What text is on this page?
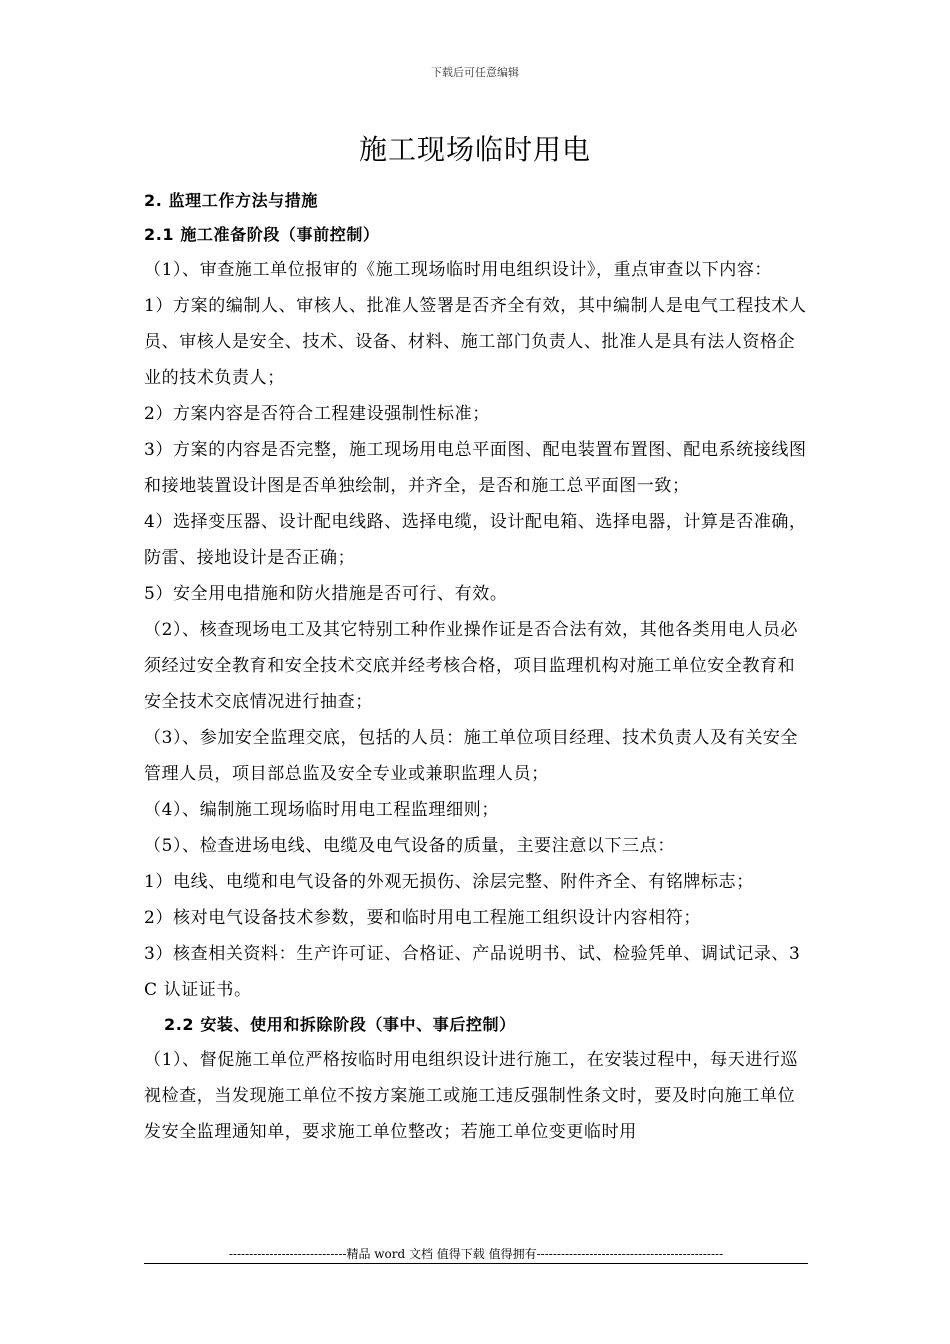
下载后可任意编辑
施工现场临时用电

2. 监理工作方法与措施

2.1 施工准备阶段（事前控制）

（1）、审查施工单位报审的《施工现场临时用电组织设计》，重点审查以下内容：

1）方案的编制人、审核人、批准人签署是否齐全有效，其中编制人是电气工程技术人员、审核人是安全、技术、设备、材料、施工部门负责人、批准人是具有法人资格企业的技术负责人；

2）方案内容是否符合工程建设强制性标准；

3）方案的内容是否完整，施工现场用电总平面图、配电装置布置图、配电系统接线图和接地装置设计图是否单独绘制，并齐全，是否和施工总平面图一致；

4）选择变压器、设计配电线路、选择电缆，设计配电箱、选择电器，计算是否准确，防雷、接地设计是否正确；

5）安全用电措施和防火措施是否可行、有效。

（2）、核查现场电工及其它特别工种作业操作证是否合法有效，其他各类用电人员必须经过安全教育和安全技术交底并经考核合格，项目监理机构对施工单位安全教育和安全技术交底情况进行抽查；

（3）、参加安全监理交底，包括的人员：施工单位项目经理、技术负责人及有关安全管理人员，项目部总监及安全专业或兼职监理人员；

（4）、编制施工现场临时用电工程监理细则；

（5）、检查进场电线、电缆及电气设备的质量，主要注意以下三点：

1）电线、电缆和电气设备的外观无损伤、涂层完整、附件齐全、有铭牌标志；

2）核对电气设备技术参数，要和临时用电工程施工组织设计内容相符；

3）核查相关资料：生产许可证、合格证、产品说明书、试、检验凭单、调试记录、3C 认证证书。

2.2 安装、使用和拆除阶段（事中、事后控制）

（1）、督促施工单位严格按临时用电组织设计进行施工，在安装过程中，每天进行巡视检查，当发现施工单位不按方案施工或施工违反强制性条文时，要及时向施工单位发安全监理通知单，要求施工单位整改；若施工单位变更临时用

-----------------------------精品 word 文档 值得下载 值得拥有----------------------------------------------
